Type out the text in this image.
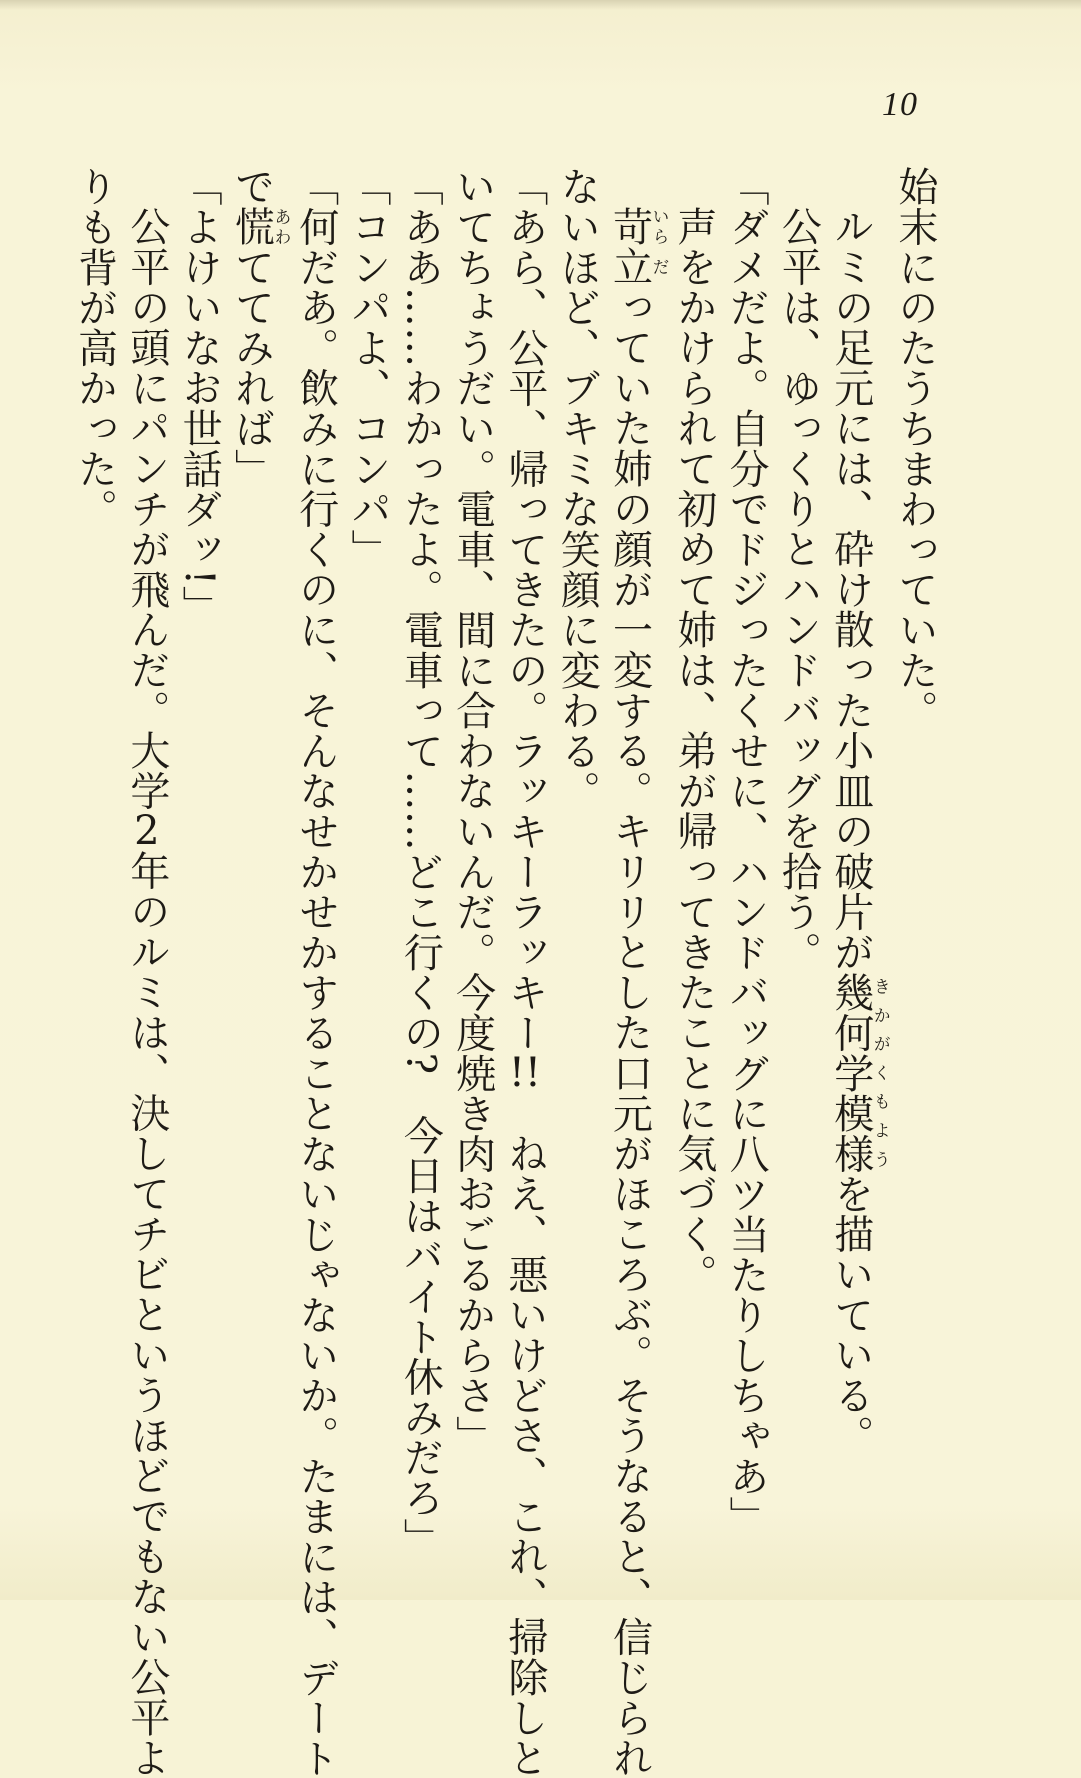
10
始末にのたうちまわっていた。
ルミの足元には、砕け散った小皿の破片が幾何学模様きかがくもようを描いている。
公平は、ゆっくりとハンドバッグを拾う。
「ダメだよ。自分でドジったくせに、ハンドバッグに八ツ当たりしちゃあ」
声をかけられて初めて姉は、弟が帰ってきたことに気づく。
苛いら立だっていた姉の顔が一変する。キリリとした口元がほころぶ。そうなると、信じられ
ないほど、ブキミな笑顔に変わる。
「あら、公平、帰ってきたの。ラッキーラッキー!!　ねえ、悪いけどさ、これ、掃除しと
いてちょうだい。電車、間に合わないんだ。今度焼き肉おごるからさ」
「ああ……わかったよ。電車って……どこ行くの?　今日はバイト休みだろ」
「コンパよ、コンパ」
「何だあ。飲みに行くのに、そんなせかせかすることないじゃないか。たまには、デート
で慌あわててみれば」
「よけいなお世話ダッ!」
公平の頭にパンチが飛んだ。大学2年のルミは、決してチビというほどでもない公平よ
りも背が高かった。
